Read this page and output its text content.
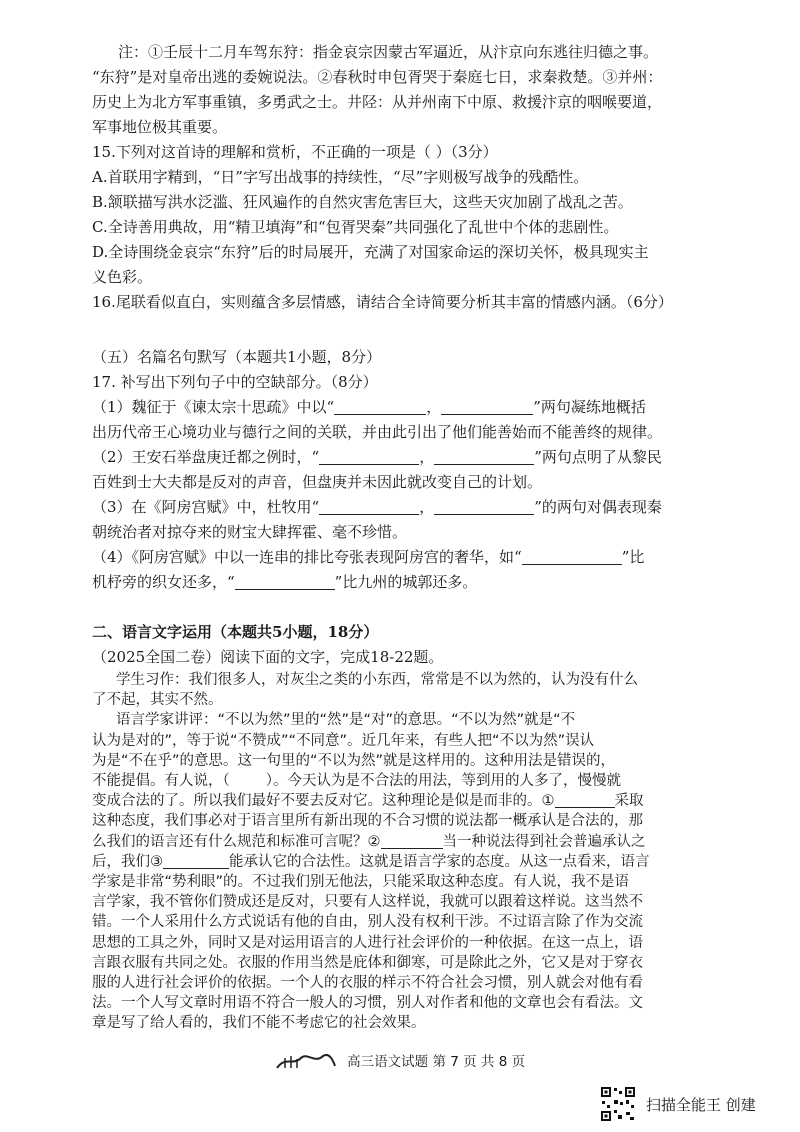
注：①壬辰十二月车驾东狩：指金哀宗因蒙古军逼近，从汴京向东逃往归德之事。
“东狩”是对皇帝出逃的委婉说法。②春秋时申包胥哭于秦庭七日，求秦救楚。③并州：
历史上为北方军事重镇，多勇武之士。井陉：从并州南下中原、救援汴京的咽喉要道，
军事地位极其重要。
15.下列对这首诗的理解和赏析，不正确的一项是（ ）（3分）
A.首联用字精到，“日”字写出战事的持续性，“尽”字则极写战争的残酷性。
B.颔联描写洪水泛滥、狂风遍作的自然灾害危害巨大，这些天灾加剧了战乱之苦。
C.全诗善用典故，用“精卫填海”和“包胥哭秦”共同强化了乱世中个体的悲剧性。
D.全诗围绕金哀宗“东狩”后的时局展开，充满了对国家命运的深切关怀，极具现实主
义色彩。
16.尾联看似直白，实则蕴含多层情感，请结合全诗简要分析其丰富的情感内涵。（6分）
（五）名篇名句默写（本题共1小题，8分）
17. 补写出下列句子中的空缺部分。（8分）
（1）魏征于《谏太宗十思疏》中以“	，	”两句凝练地概括
出历代帝王心境功业与德行之间的关联，并由此引出了他们能善始而不能善终的规律。
（2）王安石举盘庚迁都之例时，“	，	”两句点明了从黎民
百姓到士大夫都是反对的声音，但盘庚并未因此就改变自己的计划。
（3）在《阿房宫赋》中，杜牧用“	，	”的两句对偶表现秦
朝统治者对掠夺来的财宝大肆挥霍、毫不珍惜。
（4）《阿房宫赋》中以一连串的排比夸张表现阿房宫的奢华，如“	”比
机杼旁的织女还多，“	”比九州的城郭还多。
二、语言文字运用（本题共5小题，18分）
（2025全国二卷）阅读下面的文字，完成18-22题。
学生习作：我们很多人，对灰尘之类的小东西，常常是不以为然的，认为没有什么
了不起，其实不然。
语言学家讲评：“不以为然”里的“然”是“对”的意思。“不以为然”就是“不
认为是对的”，等于说“不赞成”“不同意”。近几年来，有些人把“不以为然”误认
为是“不在乎”的意思。这一句里的“不以为然”就是这样用的。这种用法是错误的，
不能提倡。有人说，（ ）。今天认为是不合法的用法，等到用的人多了，慢慢就
变成合法的了。所以我们最好不要去反对它。这种理论是似是而非的。①	采取
这种态度，我们事必对于语言里所有新出现的不合习惯的说法都一概承认是合法的，那
么我们的语言还有什么规范和标准可言呢？②	当一种说法得到社会普遍承认之
后，我们③	能承认它的合法性。这就是语言学家的态度。从这一点看来，语言
学家是非常“势利眼”的。不过我们别无他法，只能采取这种态度。有人说，我不是语
言学家，我不管你们赞成还是反对，只要有人这样说，我就可以跟着这样说。这当然不
错。一个人采用什么方式说话有他的自由，别人没有权利干涉。不过语言除了作为交流
思想的工具之外，同时又是对运用语言的人进行社会评价的一种依据。在这一点上，语
言跟衣服有共同之处。衣服的作用当然是庇体和御寒，可是除此之外，它又是对于穿衣
服的人进行社会评价的依据。一个人的衣服的样示不符合社会习惯，别人就会对他有看
法。一个人写文章时用语不符合一般人的习惯，别人对作者和他的文章也会有看法。文
章是写了给人看的，我们不能不考虑它的社会效果。
高三语文试题 第 7 页 共 8 页
扫描全能王 创建
